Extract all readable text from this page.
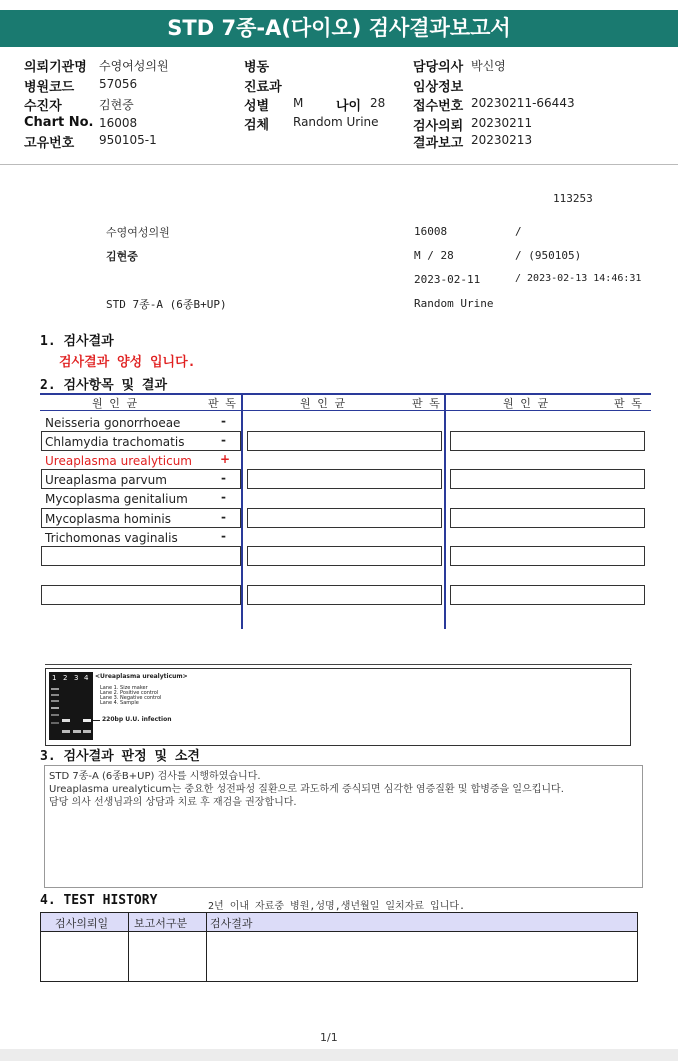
STD 7종-A(다이오) 검사결과보고서
의뢰기관명 수영여성의원
병원코드 57056
수진자	김현중
Chart No. 16008
고유번호 950105-1
병동
진료과
성별 M	나이 28
검체 Random Urine
담당의사 박신영
임상정보
접수번호 20230211-66443
검사의뢰 20230211
결과보고 20230213
113253
수영여성의원	16008	/
김현중	M / 28	/ (950105)
2023-02-11	/ 2023-02-13 14:46:31
STD 7종-A (6종B+UP)	Random Urine
1. 검사결과
검사결과 양성 입니다.
2. 검사항목 및 결과
원 인 균	판 독	원 인 균	판 독	원 인 균	판 독
Neisseria gonorrhoeae	-
Chlamydia trachomatis	-
Ureaplasma urealyticum +
Ureaplasma parvum	-
Mycoplasma genitalium	-
Mycoplasma hominis	-
Trichomonas vaginalis	-
1 2 3 4 <Ureaplasma urealyticum>
Lane 1. Size maker
Lane 2. Positive control
Lane 3. Negative control
Lane 4. Sample
220bp U.U. infection
3. 검사결과 판정 및 소견
STD 7종-A (6종B+UP) 검사를 시행하였습니다.
Ureaplasma urealyticum는 중요한 성전파성 질환으로 과도하게 증식되면 심각한 염증질환 및 합병증을 일으킵니다.
담당 의사 선생님과의 상담과 치료 후 재검을 권장합니다.
4. TEST HISTORY	2년 이내 자료중 병원,성명,생년월일 일치자료 입니다.
검사의뢰일 보고서구분 검사결과
1/1
